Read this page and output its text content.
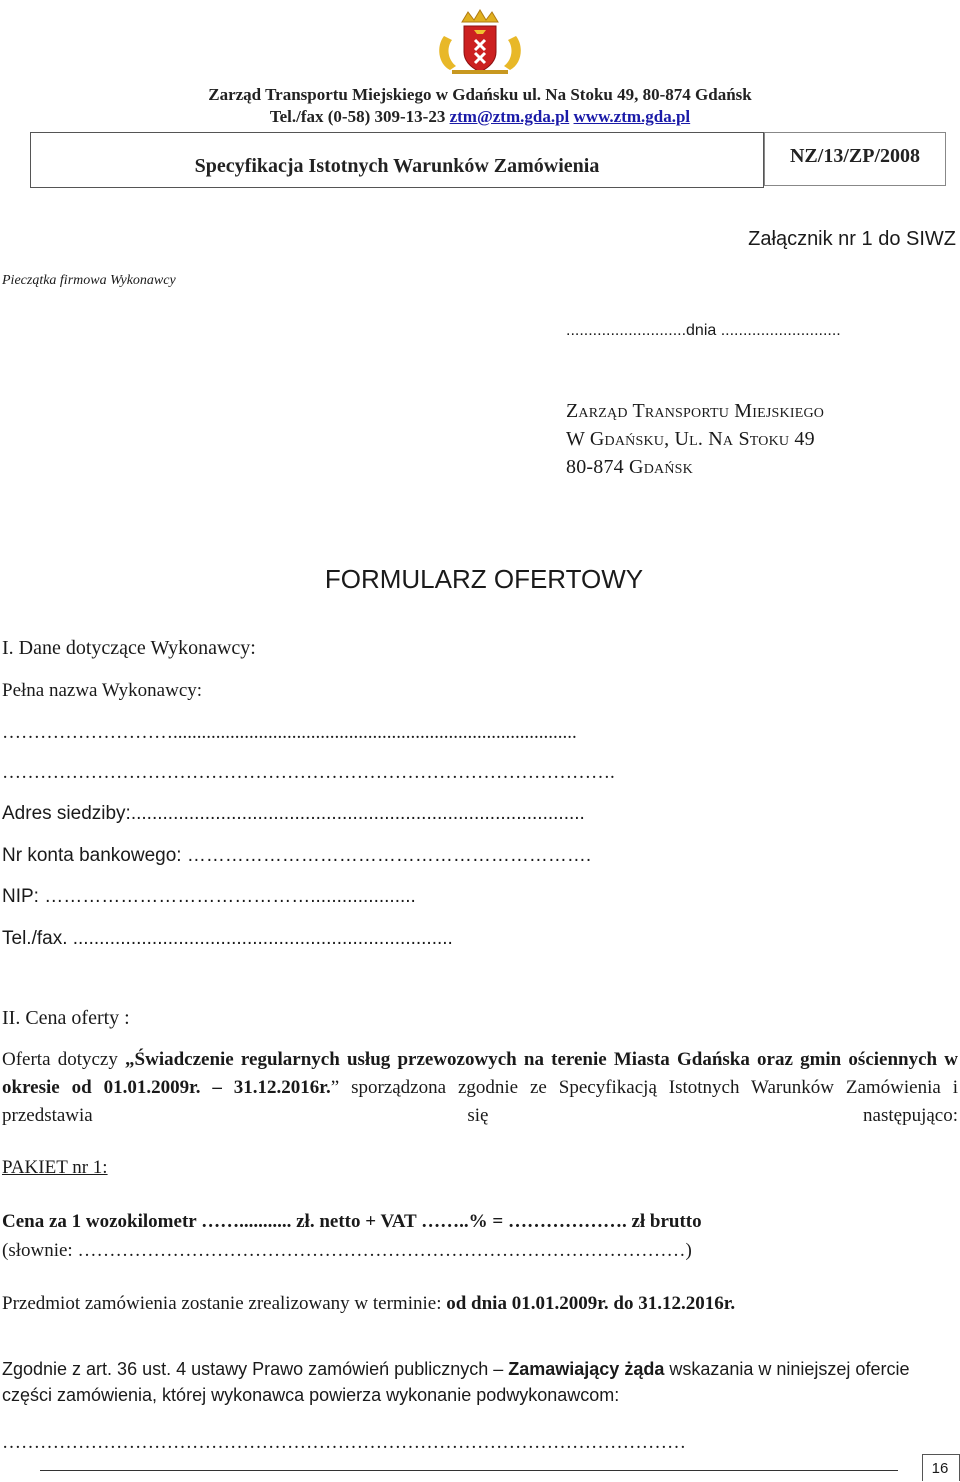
Zarząd Transportu Miejskiego w Gdańsku ul. Na Stoku 49, 80-874 Gdańsk
Tel./fax (0-58) 309-13-23 ztm@ztm.gda.pl www.ztm.gda.pl
Specyfikacja Istotnych Warunków Zamówienia	NZ/13/ZP/2008
Załącznik nr 1 do SIWZ
Pieczątka firmowa Wykonawcy
...........................dnia ...........................
Zarząd Transportu Miejskiego
W Gdańsku, Ul. Na Stoku 49
80-874 Gdańsk
FORMULARZ OFERTOWY
I. Dane dotyczące Wykonawcy:
Pełna nazwa Wykonawcy:
……………………….....................................................................................
…………………………………………………………………………………….
Adres siedziby:......................................................................................
Nr konta bankowego: ……………………………………………………….
NIP: ……………………………………....................
Tel./fax. ........................................................................
II. Cena oferty :
Oferta dotyczy „Świadczenie regularnych usług przewozowych na terenie Miasta Gdańska oraz gmin ościennych w okresie od 01.01.2009r. – 31.12.2016r.” sporządzona zgodnie ze Specyfikacją Istotnych Warunków Zamówienia i przedstawia się następująco:
PAKIET nr 1:
Cena za 1 wozokilometr ……........... zł. netto + VAT ……..% = ………………. zł brutto
(słownie: ……………………………………………………………………………………)
Przedmiot zamówienia zostanie zrealizowany w terminie: od dnia 01.01.2009r. do 31.12.2016r.
Zgodnie z art. 36 ust. 4 ustawy Prawo zamówień publicznych – Zamawiający żąda wskazania w niniejszej ofercie części zamówienia, której wykonawca powierza wykonanie podwykonawcom:
………………………………………………………………………………………………
16
